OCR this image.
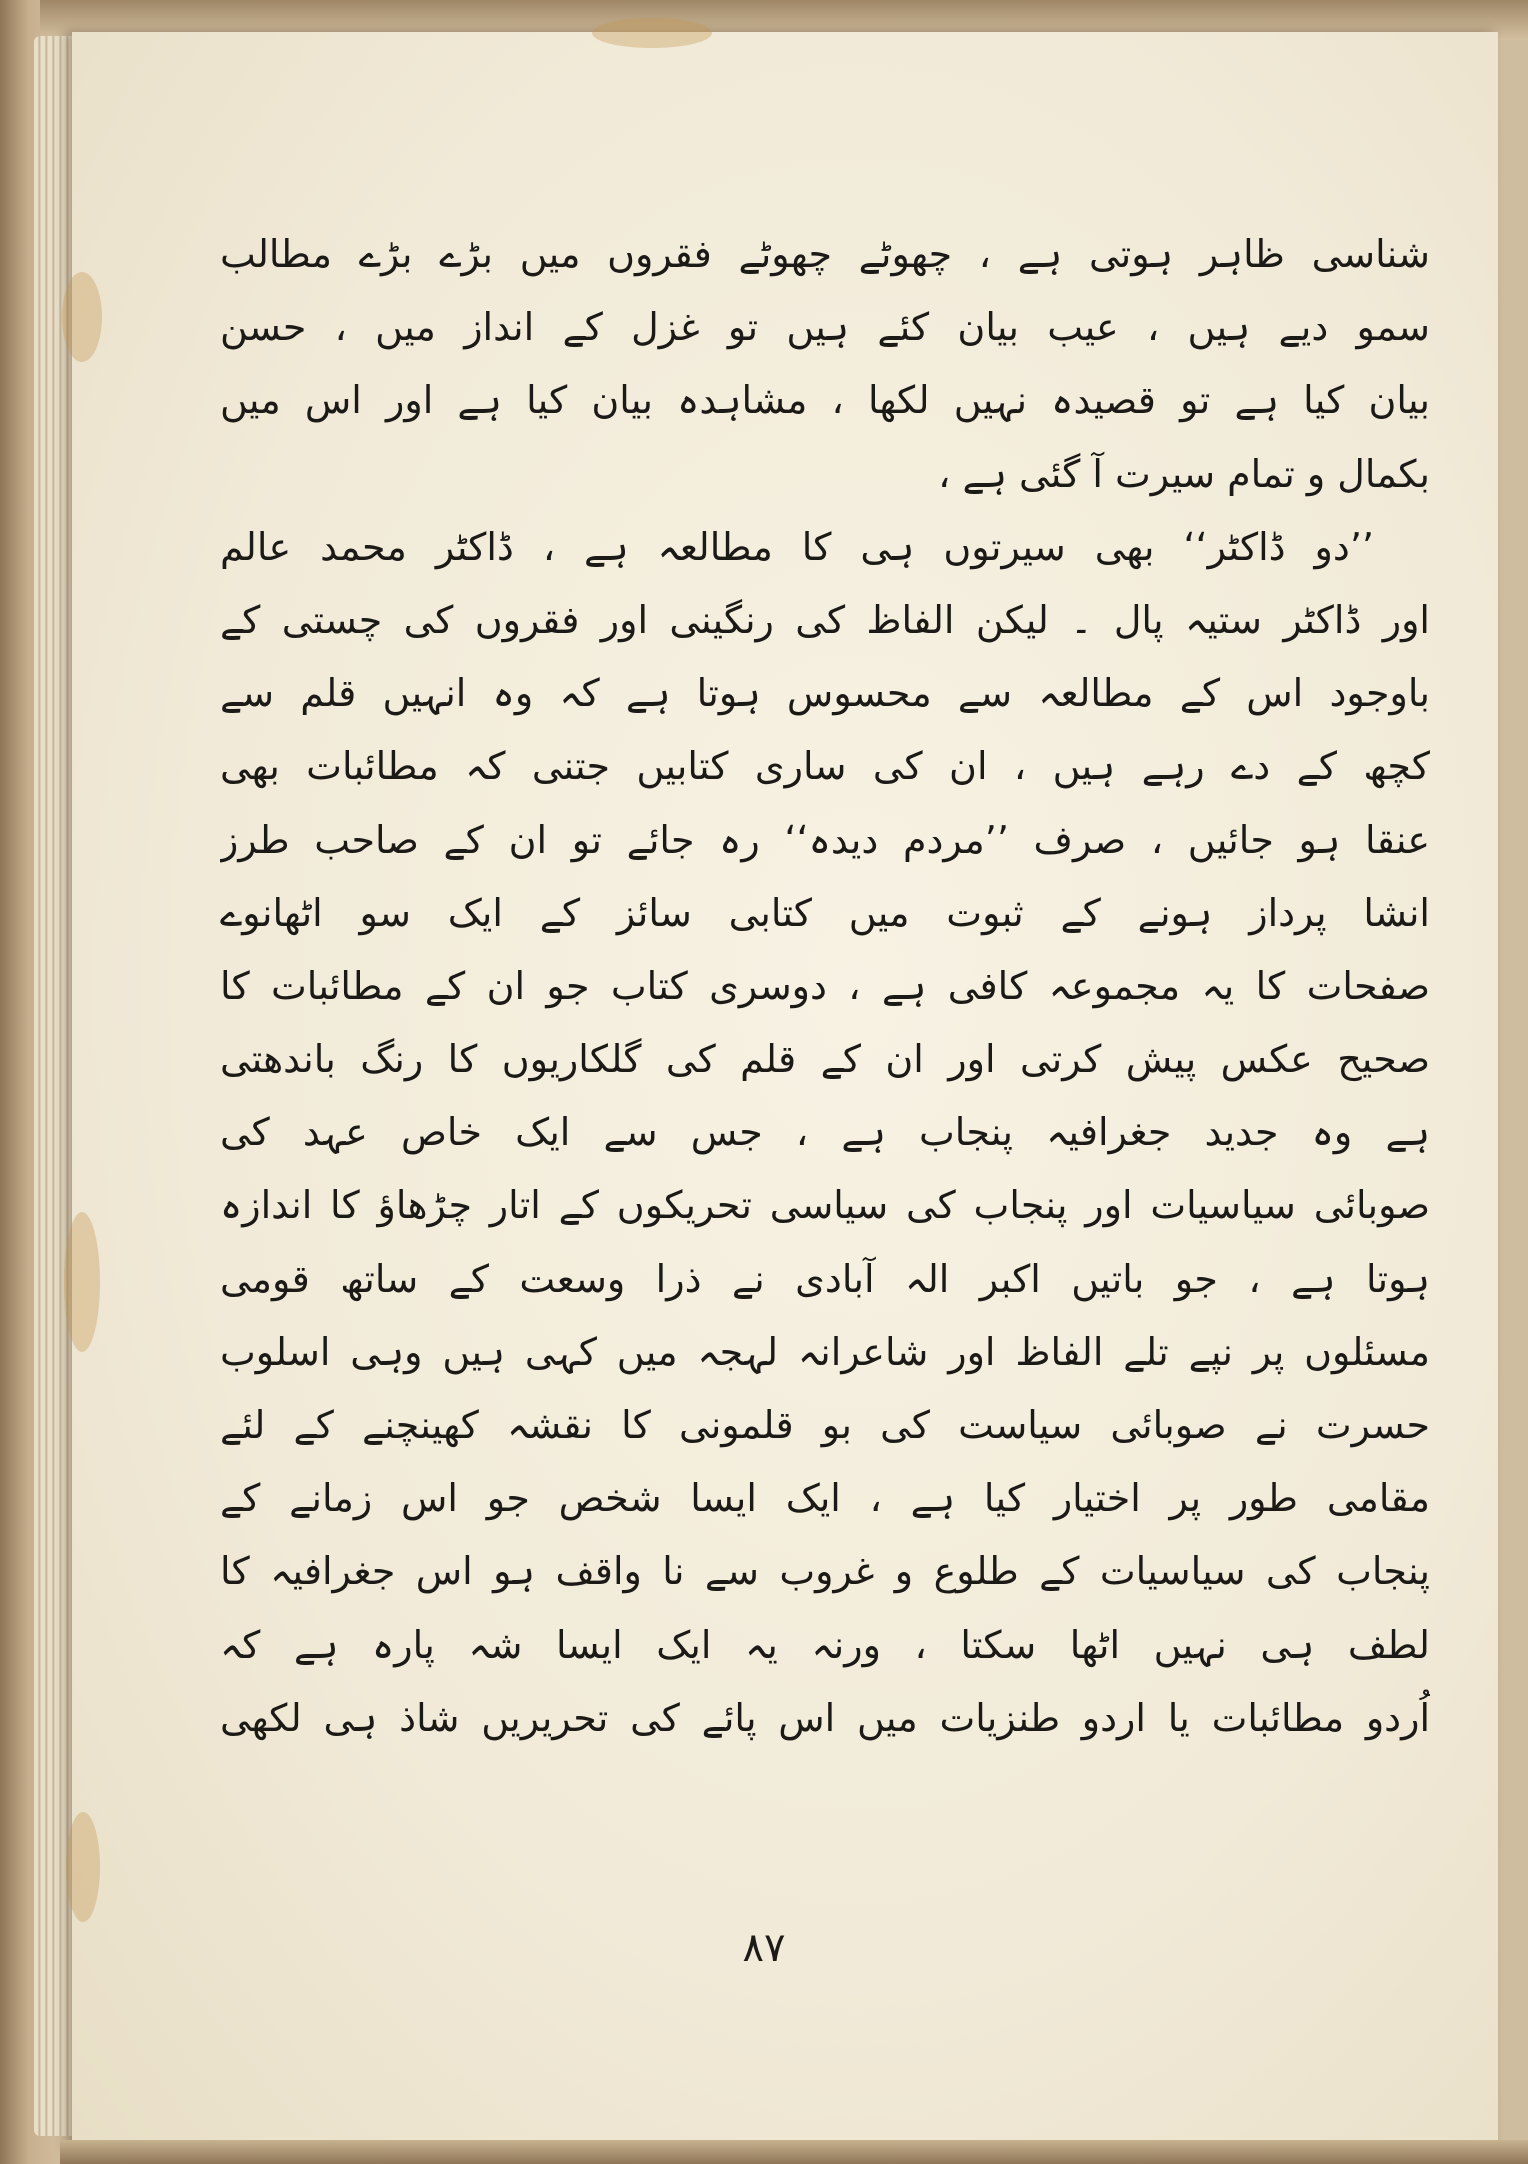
شناسی ظاہر ہوتی ہے ، چھوٹے چھوٹے فقروں میں بڑے بڑے مطالب
سمو دیے ہیں ، عیب بیان کئے ہیں تو غزل کے انداز میں ، حسن
بیان کیا ہے تو قصیدہ نہیں لکھا ، مشاہدہ بیان کیا ہے اور اس میں
بکمال و تمام سیرت آ گئی ہے ،
’’دو ڈاکٹر‘‘ بھی سیرتوں ہی کا مطالعہ ہے ، ڈاکٹر محمد عالم
اور ڈاکٹر ستیہ پال ۔ لیکن الفاظ کی رنگینی اور فقروں کی چستی کے
باوجود اس کے مطالعہ سے محسوس ہوتا ہے کہ وہ انہیں قلم سے
کچھ کے دے رہے ہیں ، ان کی ساری کتابیں جتنی کہ مطائبات بھی
عنقا ہو جائیں ، صرف ’’مردم دیدہ‘‘ رہ جائے تو ان کے صاحب طرز
انشا پرداز ہونے کے ثبوت میں کتابی سائز کے ایک سو اٹھانوے
صفحات کا یہ مجموعہ کافی ہے ، دوسری کتاب جو ان کے مطائبات کا
صحیح عکس پیش کرتی اور ان کے قلم کی گلکاریوں کا رنگ باندھتی
ہے وہ جدید جغرافیہ پنجاب ہے ، جس سے ایک خاص عہد کی
صوبائی سیاسیات اور پنجاب کی سیاسی تحریکوں کے اتار چڑھاؤ کا اندازہ
ہوتا ہے ، جو باتیں اکبر الہ آبادی نے ذرا وسعت کے ساتھ قومی
مسئلوں پر نپے تلے الفاظ اور شاعرانہ لہجہ میں کہی ہیں وہی اسلوب
حسرت نے صوبائی سیاست کی بو قلمونی کا نقشہ کھینچنے کے لئے
مقامی طور پر اختیار کیا ہے ، ایک ایسا شخص جو اس زمانے کے
پنجاب کی سیاسیات کے طلوع و غروب سے نا واقف ہو اس جغرافیہ کا
لطف ہی نہیں اٹھا سکتا ، ورنہ یہ ایک ایسا شہ پارہ ہے کہ
اُردو مطائبات یا اردو طنزیات میں اس پائے کی تحریریں شاذ ہی لکھی
۸۷
